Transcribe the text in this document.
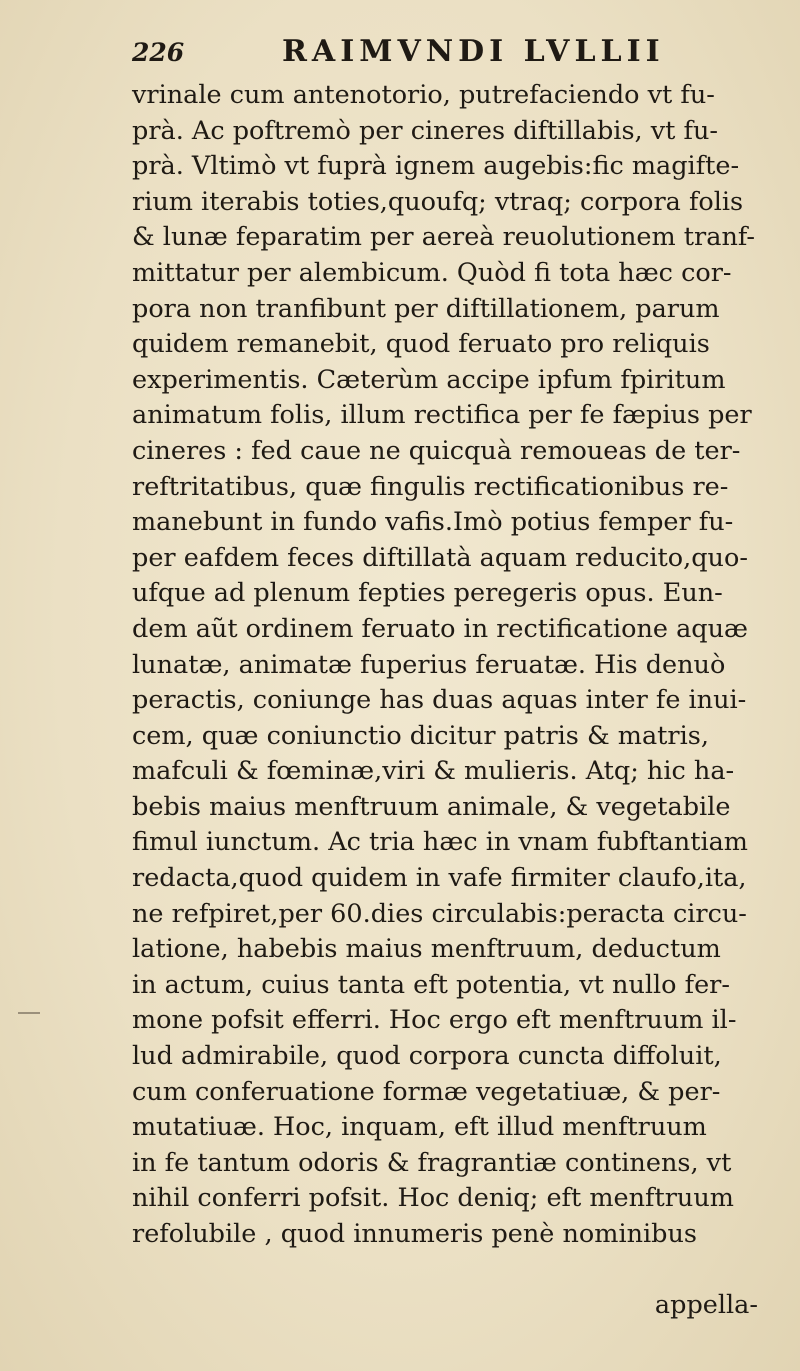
226	RAIMVNDI LVLLII
vrinale cum antenotorio, putrefaciendo vt fu-
prà. Ac poftremò per cineres diftillabis, vt fu-
prà. Vltimò vt fuprà ignem augebis:fic magifte-
rium iterabis toties,quoufq; vtraq; corpora folis
& lunæ feparatim per aereà reuolutionem tranf-
mittatur per alembicum. Quòd fi tota hæc cor-
pora non tranfibunt per diftillationem, parum
quidem remanebit, quod feruato pro reliquis
experimentis. Cæterùm accipe ipfum fpiritum
animatum folis, illum rectifica per fe fæpius per
cineres : fed caue ne quicquà remoueas de ter-
reftritatibus, quæ fingulis rectificationibus re-
manebunt in fundo vafis.Imò potius femper fu-
per eafdem feces diftillatà aquam reducito,quo-
ufque ad plenum fepties peregeris opus. Eun-
dem aũt ordinem feruato in rectificatione aquæ
lunatæ, animatæ fuperius feruatæ. His denuò
peractis, coniunge has duas aquas inter fe inui-
cem, quæ coniunctio dicitur patris & matris,
mafculi & fœminæ,viri & mulieris. Atq; hic ha-
bebis maius menftruum animale, & vegetabile
fimul iunctum. Ac tria hæc in vnam fubftantiam
redacta,quod quidem in vafe firmiter claufo,ita,
ne refpiret,per 60.dies circulabis:peracta circu-
latione, habebis maius menftruum, deductum
in actum, cuius tanta eft potentia, vt nullo fer-
mone pofsit efferri. Hoc ergo eft menftruum il-
lud admirabile, quod corpora cuncta diffoluit,
cum conferuatione formæ vegetatiuæ, & per-
mutatiuæ. Hoc, inquam, eft illud menftruum
in fe tantum odoris & fragrantiæ continens, vt
nihil conferri pofsit. Hoc deniq; eft menftruum
refolubile , quod innumeris penè nominibus
appella-
